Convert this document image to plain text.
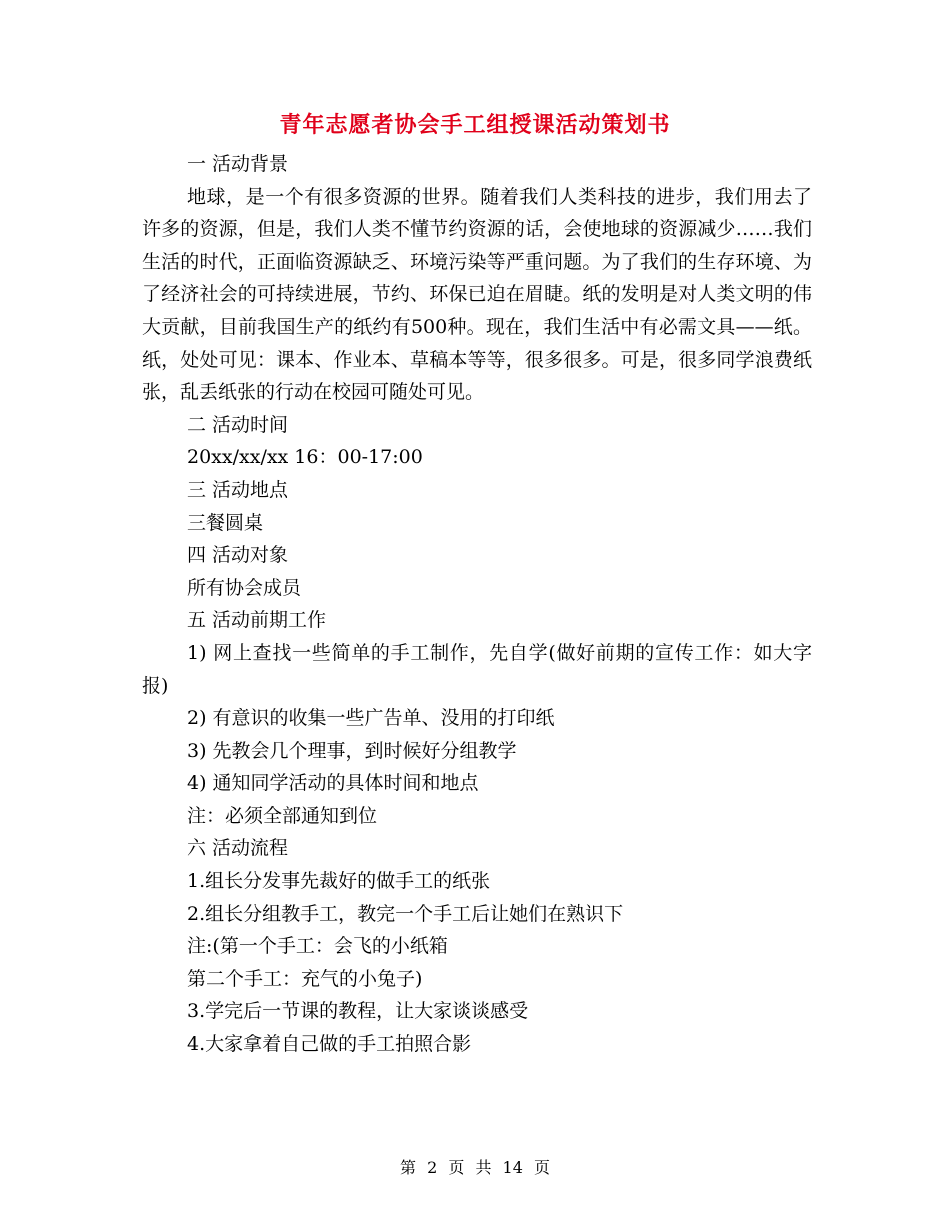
青年志愿者协会手工组授课活动策划书
一 活动背景
地球，是一个有很多资源的世界。随着我们人类科技的进步，我们用去了许多的资源，但是，我们人类不懂节约资源的话，会使地球的资源减少……我们生活的时代，正面临资源缺乏、环境污染等严重问题。为了我们的生存环境、为了经济社会的可持续进展，节约、环保已迫在眉睫。纸的发明是对人类文明的伟大贡献，目前我国生产的纸约有500种。现在，我们生活中有必需文具——纸。纸，处处可见：课本、作业本、草稿本等等，很多很多。可是，很多同学浪费纸张，乱丢纸张的行动在校园可随处可见。
二 活动时间
20xx/xx/xx 16：00-17:00
三 活动地点
三餐圆桌
四 活动对象
所有协会成员
五 活动前期工作
1) 网上查找一些简单的手工制作，先自学(做好前期的宣传工作：如大字报)
2) 有意识的收集一些广告单、没用的打印纸
3) 先教会几个理事，到时候好分组教学
4) 通知同学活动的具体时间和地点
注：必须全部通知到位
六 活动流程
1.组长分发事先裁好的做手工的纸张
2.组长分组教手工，教完一个手工后让她们在熟识下
注:(第一个手工：会飞的小纸箱
第二个手工：充气的小兔子)
3.学完后一节课的教程，让大家谈谈感受
4.大家拿着自己做的手工拍照合影
第 2 页 共 14 页
